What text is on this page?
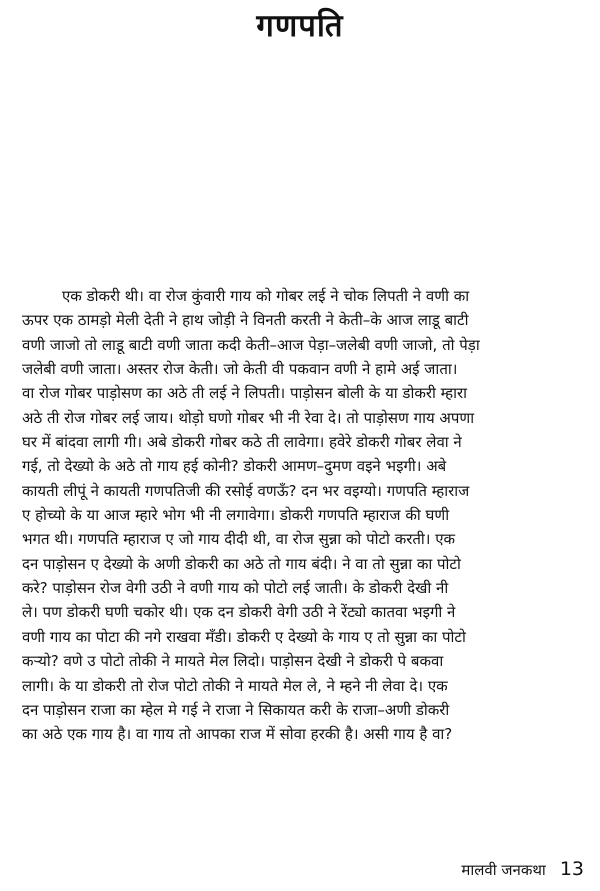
गणपति
एक डोकरी थी। वा रोज कुंवारी गाय को गोबर लई ने चोक लिपती ने वणी का
ऊपर एक ठामड़ो मेली देती ने हाथ जोड़ी ने विनती करती ने केती–के आज लाडू बाटी
वणी जाजो तो लाडू बाटी वणी जाता कदी केती–आज पेड़ा–जलेबी वणी जाजो, तो पेड़ा
जलेबी वणी जाता। अस्तर रोज केती। जो केती वी पकवान वणी ने हामे अई जाता।
वा रोज गोबर पाड़ोसण का अठे ती लई ने लिपती। पाड़ोसन बोली के या डोकरी म्हारा
अठे ती रोज गोबर लई जाय। थोड़ो घणो गोबर भी नी रेवा दे। तो पाड़ोसण गाय अपणा
घर में बांदवा लागी गी। अबे डोकरी गोबर कठे ती लावेगा। हवेरे डोकरी गोबर लेवा ने
गई, तो देख्यो के अठे तो गाय हई कोनी? डोकरी आमण–दुमण वइने भइगी। अबे
कायती लीपूं ने कायती गणपतिजी की रसोई वणऊँ? दन भर वइग्यो। गणपति म्हाराज
ए होच्यो के या आज म्हारे भोग भी नी लगावेगा। डोकरी गणपति म्हाराज की घणी
भगत थी। गणपति म्हाराज ए जो गाय दीदी थी, वा रोज सुन्ना को पोटो करती। एक
दन पाड़ोसन ए देख्यो के अणी डोकरी का अठे तो गाय बंदी। ने वा तो सुन्ना का पोटो
करे? पाड़ोसन रोज वेगी उठी ने वणी गाय को पोटो लई जाती। के डोकरी देखी नी
ले। पण डोकरी घणी चकोर थी। एक दन डोकरी वेगी उठी ने रेंट्यो कातवा भइगी ने
वणी गाय का पोटा की नगे राखवा मँडी। डोकरी ए देख्यो के गाय ए तो सुन्ना का पोटो
कर्‍यो? वणे उ पोटो तोकी ने मायते मेल लिदो। पाड़ोसन देखी ने डोकरी पे बकवा
लागी। के या डोकरी तो रोज पोटो तोकी ने मायते मेल ले, ने म्हने नी लेवा दे। एक
दन पाड़ोसन राजा का म्हेल मे गई ने राजा ने सिकायत करी के राजा–अणी डोकरी
का अठे एक गाय है। वा गाय तो आपका राज में सोवा हरकी है। असी गाय है वा?
मालवी जनकथा 13
